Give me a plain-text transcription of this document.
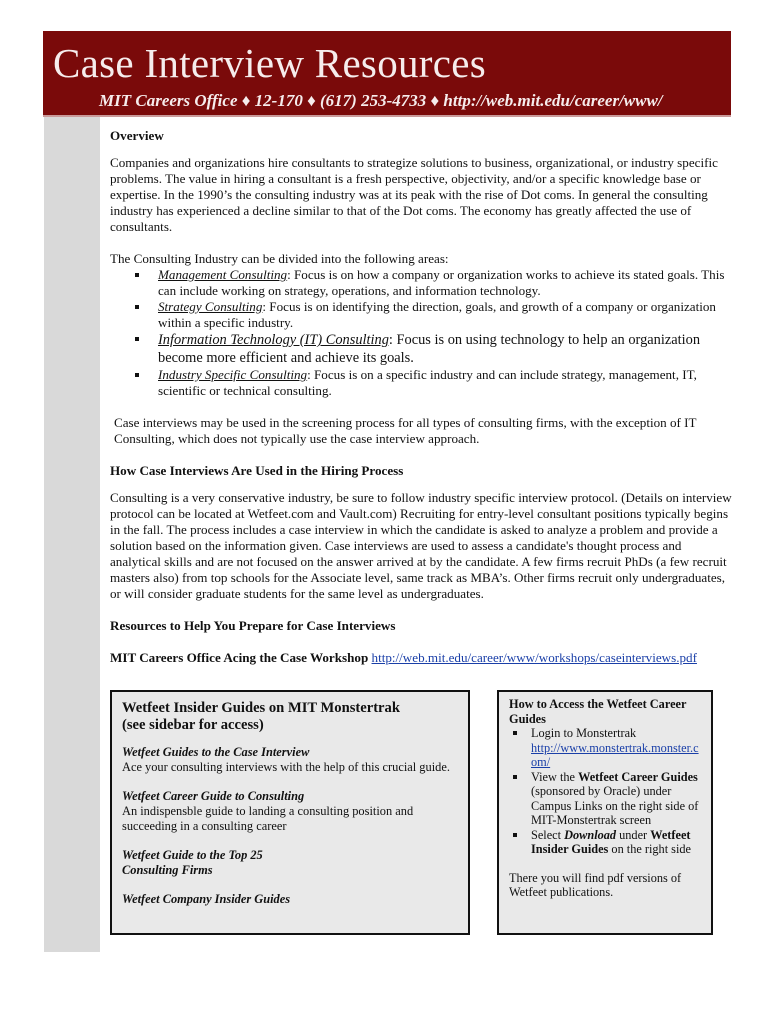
Case Interview Resources
MIT Careers Office ♦ 12-170 ♦ (617) 253-4733 ♦ http://web.mit.edu/career/www/

Overview

Companies and organizations hire consultants to strategize solutions to business, organizational, or industry specific problems. The value in hiring a consultant is a fresh perspective, objectivity, and/or a specific knowledge base or expertise. In the 1990’s the consulting industry was at its peak with the rise of Dot coms. In general the consulting industry has experienced a decline similar to that of the Dot coms. The economy has greatly affected the use of consultants.

The Consulting Industry can be divided into the following areas:

Management Consulting: Focus is on how a company or organization works to achieve its stated goals. This can include working on strategy, operations, and information technology.
Strategy Consulting: Focus is on identifying the direction, goals, and growth of a company or organization within a specific industry.
Information Technology (IT) Consulting: Focus is on using technology to help an organization become more efficient and achieve its goals.
Industry Specific Consulting: Focus is on a specific industry and can include strategy, management, IT, scientific or technical consulting.

Case interviews may be used in the screening process for all types of consulting firms, with the exception of IT Consulting, which does not typically use the case interview approach.

How Case Interviews Are Used in the Hiring Process

Consulting is a very conservative industry, be sure to follow industry specific interview protocol. (Details on interview protocol can be located at Wetfeet.com and Vault.com) Recruiting for entry-level consultant positions typically begins in the fall. The process includes a case interview in which the candidate is asked to analyze a problem and provide a solution based on the information given. Case interviews are used to assess a candidate's thought process and analytical skills and are not focused on the answer arrived at by the candidate. A few firms recruit PhDs (a few recruit masters also) from top schools for the Associate level, same track as MBA’s. Other firms recruit only undergraduates, or will consider graduate students for the same level as undergraduates.

Resources to Help You Prepare for Case Interviews

MIT Careers Office Acing the Case Workshop http://web.mit.edu/career/www/workshops/caseinterviews.pdf

Wetfeet Insider Guides on MIT Monstertrak
(see sidebar for access)
Wetfeet Guides to the Case Interview
Ace your consulting interviews with the help of this crucial guide.
Wetfeet Career Guide to Consulting
An indispensble guide to landing a consulting position and succeeding in a consulting career
Wetfeet Guide to the Top 25
Consulting Firms
Wetfeet Company Insider Guides
How to Access the Wetfeet Career Guides
Login to Monstertrak
http://www.monstertrak.monster.com/
View the Wetfeet Career Guides (sponsored by Oracle) under Campus Links on the right side of MIT-Monstertrak screen
Select Download under Wetfeet Insider Guides on the right side
There you will find pdf versions of Wetfeet publications.
